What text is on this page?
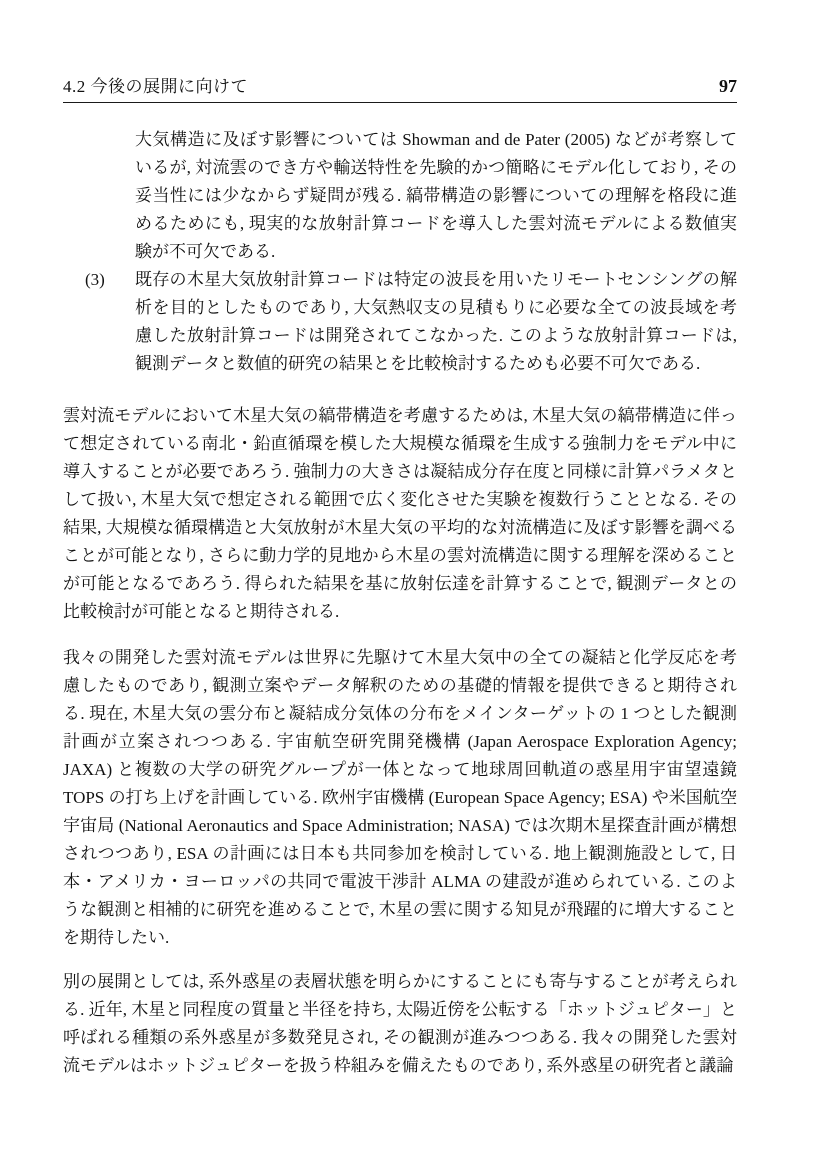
4.2 今後の展開に向けて	97

大気構造に及ぼす影響については Showman and de Pater (2005) などが考察しているが, 対流雲のでき方や輸送特性を先験的かつ簡略にモデル化しており, その妥当性には少なからず疑問が残る. 縞帯構造の影響についての理解を格段に進めるためにも, 現実的な放射計算コードを導入した雲対流モデルによる数値実験が不可欠である.

(3) 既存の木星大気放射計算コードは特定の波長を用いたリモートセンシングの解析を目的としたものであり, 大気熱収支の見積もりに必要な全ての波長域を考慮した放射計算コードは開発されてこなかった. このような放射計算コードは, 観測データと数値的研究の結果とを比較検討するためも必要不可欠である.

雲対流モデルにおいて木星大気の縞帯構造を考慮するためは, 木星大気の縞帯構造に伴って想定されている南北・鉛直循環を模した大規模な循環を生成する強制力をモデル中に導入することが必要であろう. 強制力の大きさは凝結成分存在度と同様に計算パラメタとして扱い, 木星大気で想定される範囲で広く変化させた実験を複数行うこととなる. その結果, 大規模な循環構造と大気放射が木星大気の平均的な対流構造に及ぼす影響を調べることが可能となり, さらに動力学的見地から木星の雲対流構造に関する理解を深めることが可能となるであろう. 得られた結果を基に放射伝達を計算することで, 観測データとの比較検討が可能となると期待される.

我々の開発した雲対流モデルは世界に先駆けて木星大気中の全ての凝結と化学反応を考慮したものであり, 観測立案やデータ解釈のための基礎的情報を提供できると期待される. 現在, 木星大気の雲分布と凝結成分気体の分布をメインターゲットの 1 つとした観測計画が立案されつつある. 宇宙航空研究開発機構 (Japan Aerospace Exploration Agency; JAXA) と複数の大学の研究グループが一体となって地球周回軌道の惑星用宇宙望遠鏡 TOPS の打ち上げを計画している. 欧州宇宙機構 (European Space Agency; ESA) や米国航空宇宙局 (National Aeronautics and Space Administration; NASA) では次期木星探査計画が構想されつつあり, ESA の計画には日本も共同参加を検討している. 地上観測施設として, 日本・アメリカ・ヨーロッパの共同で電波干渉計 ALMA の建設が進められている. このような観測と相補的に研究を進めることで, 木星の雲に関する知見が飛躍的に増大することを期待したい.

別の展開としては, 系外惑星の表層状態を明らかにすることにも寄与することが考えられる. 近年, 木星と同程度の質量と半径を持ち, 太陽近傍を公転する「ホットジュピター」と呼ばれる種類の系外惑星が多数発見され, その観測が進みつつある. 我々の開発した雲対流モデルはホットジュピターを扱う枠組みを備えたものであり, 系外惑星の研究者と議論
